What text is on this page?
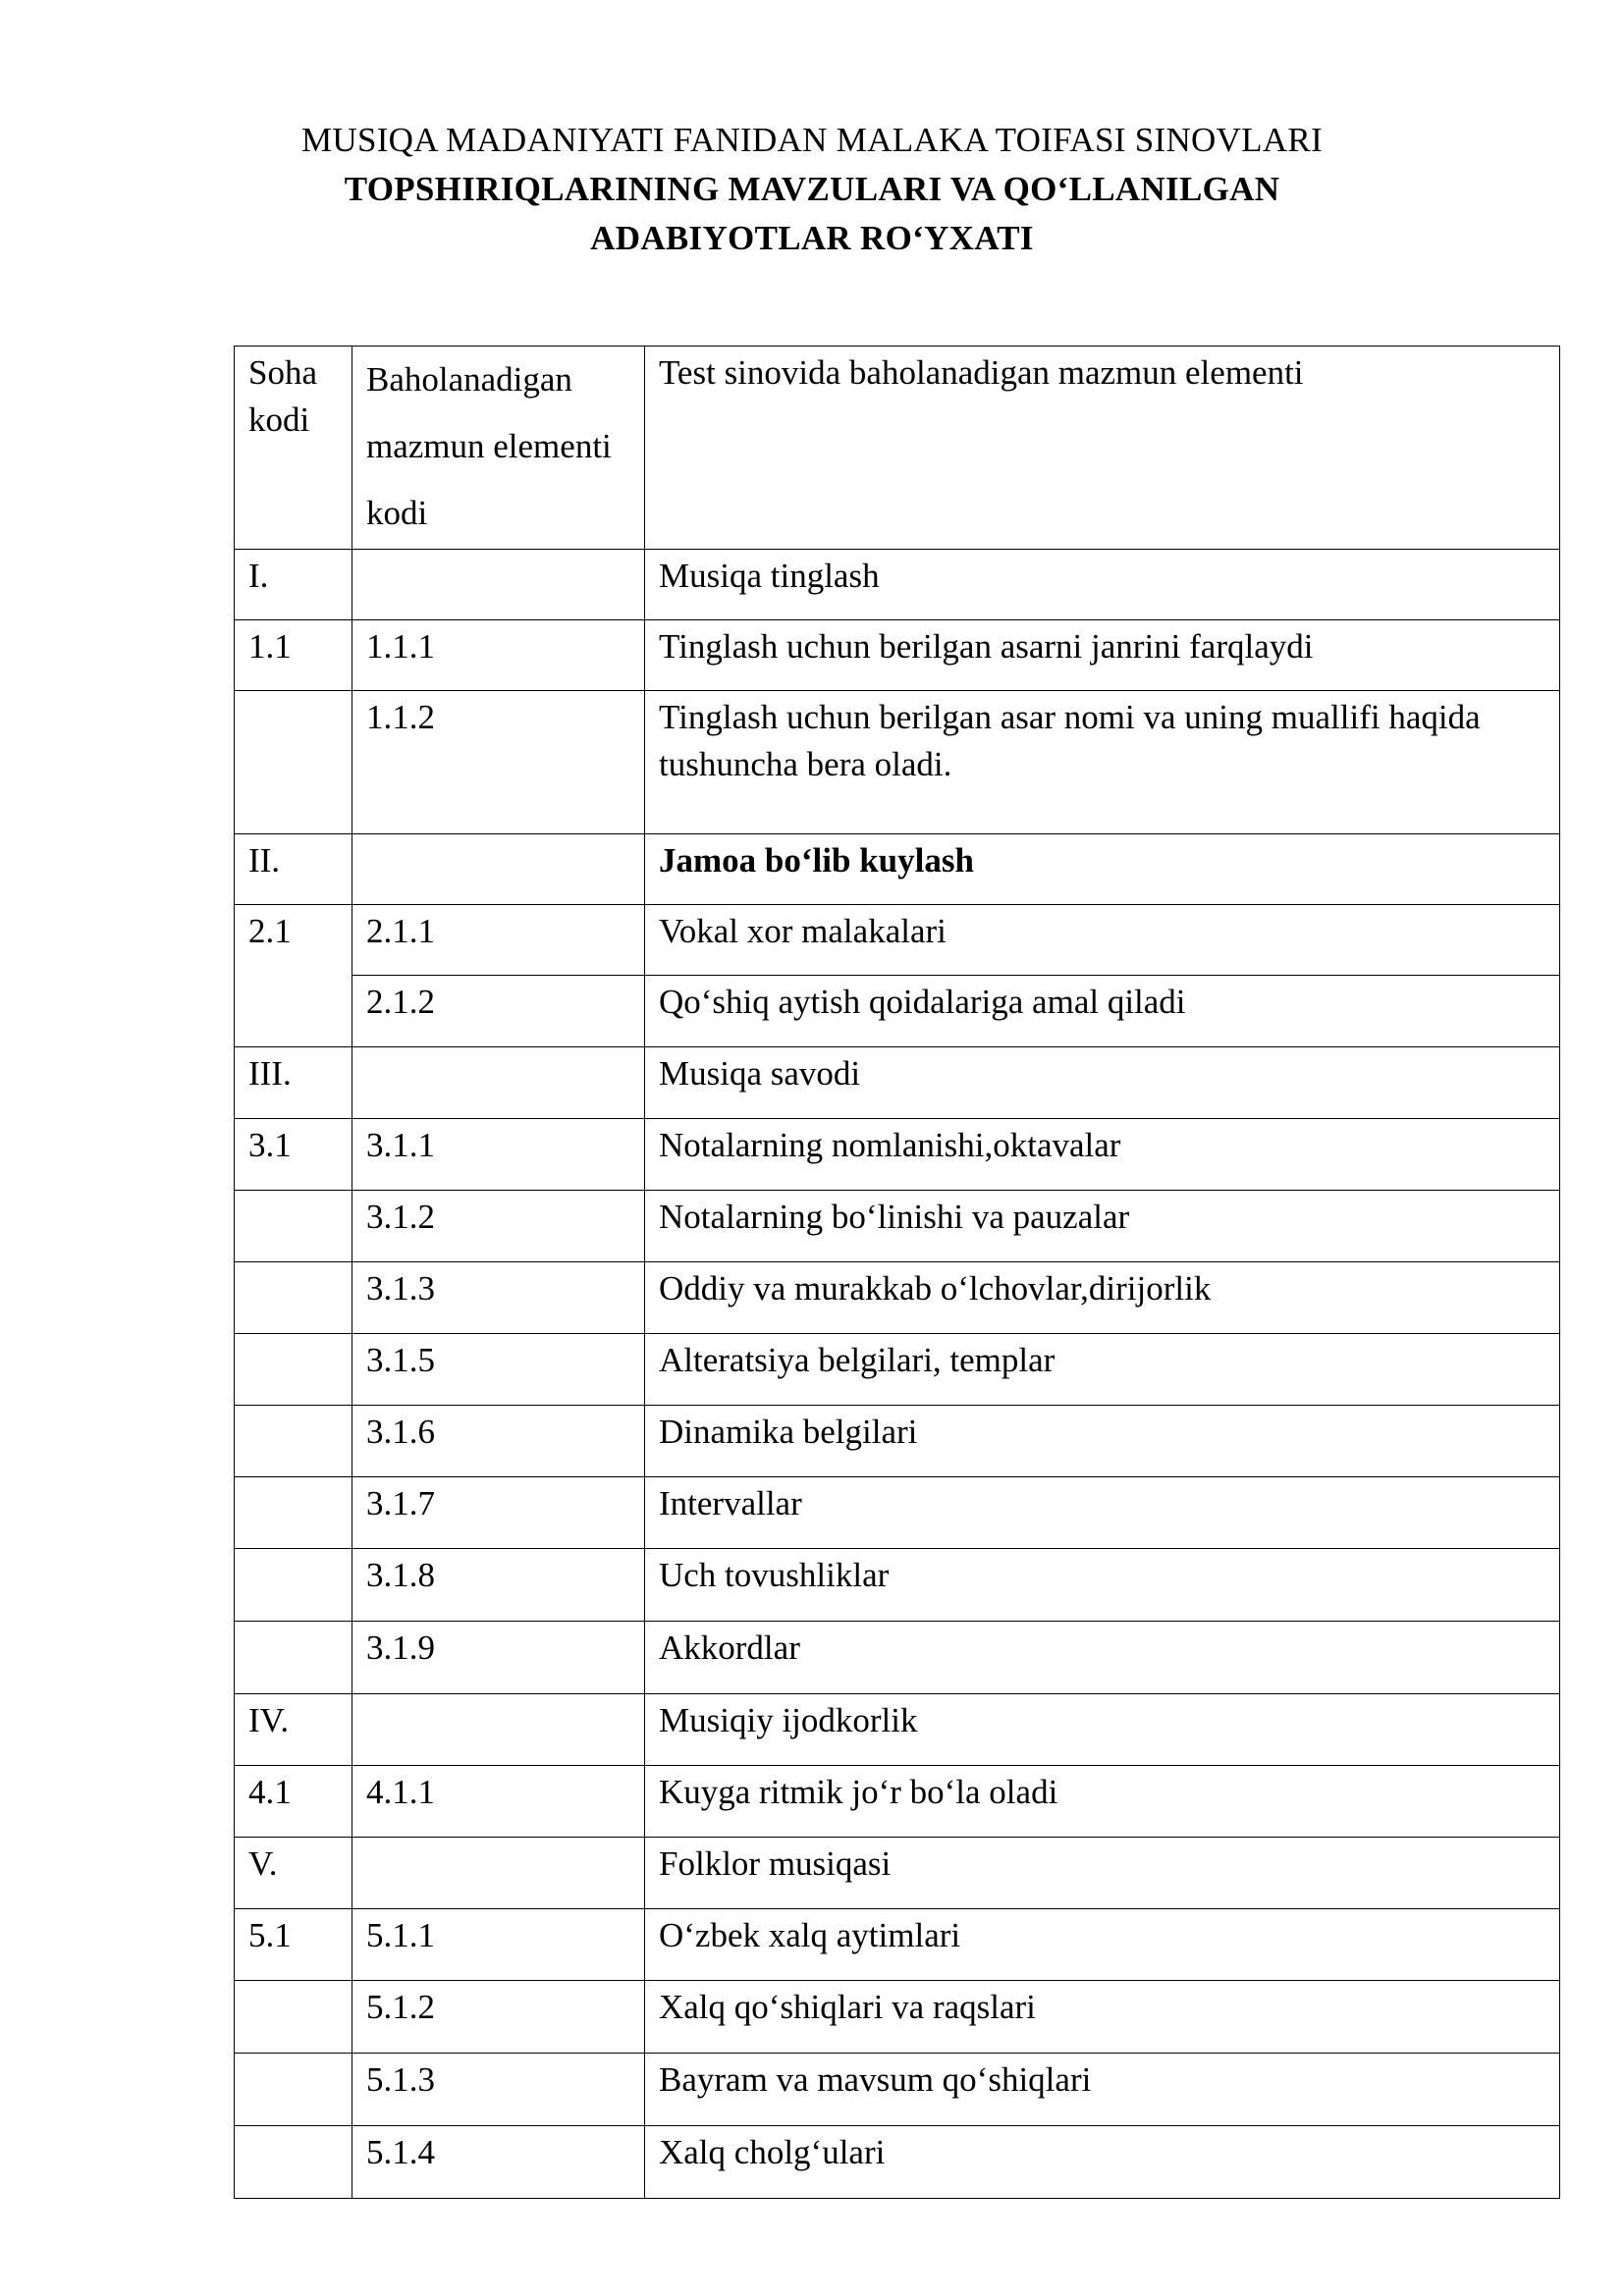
MUSIQA MADANIYATI FANIDAN MALAKA TOIFASI SINOVLARI
TOPSHIRIQLARINING MAVZULARI VA QO‘LLANILGAN
ADABIYOTLAR RO‘YXATI
Soha kodi	Baholanadigan mazmun elementi kodi	Test sinovida baholanadigan mazmun elementi
I.		Musiqa tinglash
1.1	1.1.1	Tinglash uchun berilgan asarni janrini farqlaydi
	1.1.2	Tinglash uchun berilgan asar nomi va uning muallifi haqida tushuncha bera oladi.
II.		Jamoa bo‘lib kuylash
2.1	2.1.1	Vokal xor malakalari
	2.1.2	Qo‘shiq aytish qoidalariga amal qiladi
III.		Musiqa savodi
3.1	3.1.1	Notalarning nomlanishi,oktavalar
	3.1.2	Notalarning bo‘linishi va pauzalar
	3.1.3	Oddiy va murakkab o‘lchovlar,dirijorlik
	3.1.5	Alteratsiya belgilari, templar
	3.1.6	Dinamika belgilari
	3.1.7	Intervallar
	3.1.8	Uch tovushliklar
	3.1.9	Akkordlar
IV.		Musiqiy ijodkorlik
4.1	4.1.1	Kuyga ritmik jo‘r bo‘la oladi
V.		Folklor musiqasi
5.1	5.1.1	O‘zbek xalq aytimlari
	5.1.2	Xalq qo‘shiqlari va raqslari
	5.1.3	Bayram va mavsum qo‘shiqlari
	5.1.4	Xalq cholg‘ulari
